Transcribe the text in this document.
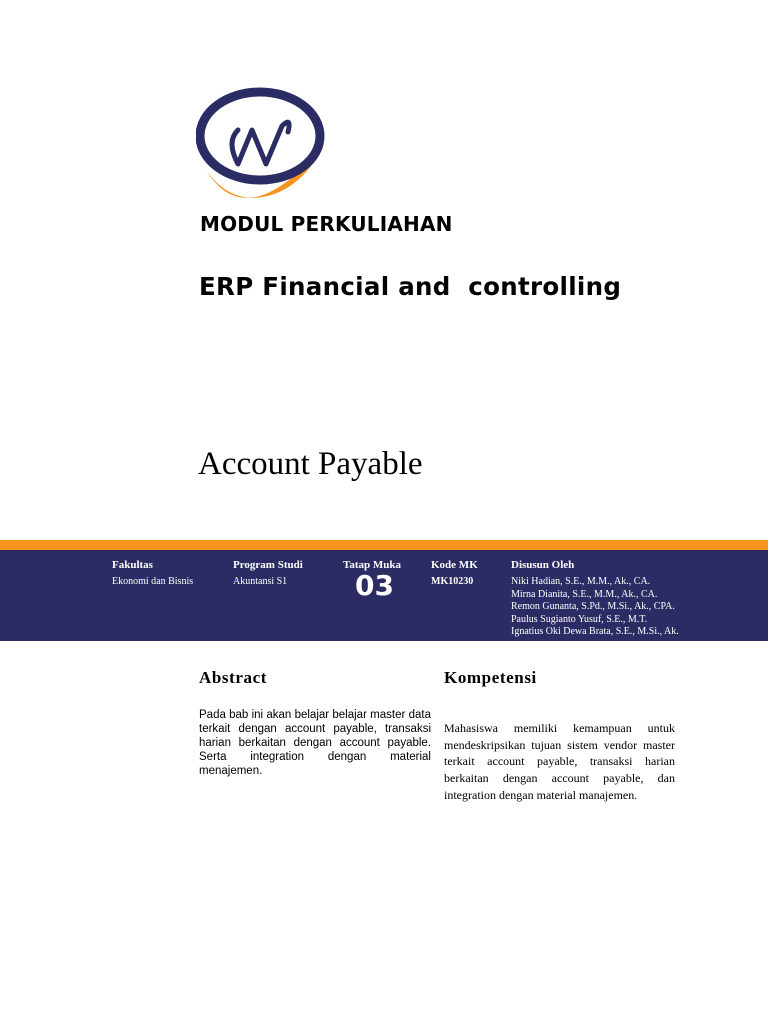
MODUL PERKULIAHAN
ERP Financial and  controlling
Account Payable
Fakultas
Ekonomi dan Bisnis
Program Studi
Akuntansi S1
Tatap Muka
03
Kode MK
MK10230
Disusun Oleh
Niki Hadian, S.E., M.M., Ak., CA.
Mirna Dianita, S.E., M.M., Ak., CA.
Remon Gunanta, S.Pd., M.Si., Ak., CPA.
Paulus Sugianto Yusuf, S.E., M.T.
Ignatius Oki Dewa Brata, S.E., M.Si., Ak.
Abstract

Pada bab ini akan belajar belajar master data terkait dengan account payable, transaksi harian berkaitan dengan account payable. Serta integration dengan material menajemen.

Kompetensi

Mahasiswa memiliki kemampuan untuk mendeskripsikan tujuan sistem vendor master terkait account payable, transaksi harian berkaitan dengan account payable, dan integration dengan material manajemen.
